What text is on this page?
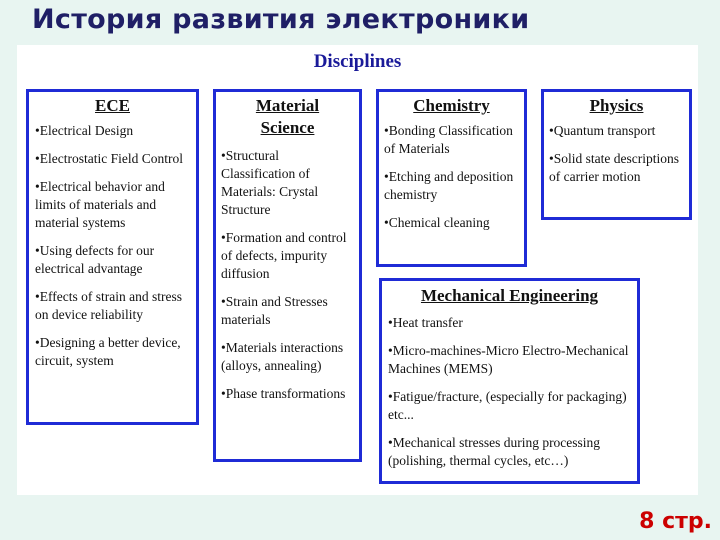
История развития электроники
Disciplines
ECE
• Electrical Design
• Electrostatic Field Control
• Electrical behavior and limits of materials and material systems
• Using defects for our electrical advantage
• Effects of strain and stress on device reliability
• Designing a better device, circuit, system
Material
Science
• Structural Classification of Materials: Crystal Structure
• Formation and control of defects, impurity diffusion
• Strain and Stresses materials
• Materials interactions (alloys, annealing)
• Phase transformations
Chemistry
• Bonding Classification of Materials
• Etching and deposition chemistry
• Chemical cleaning
Physics
• Quantum transport
• Solid state descriptions of carrier motion
Mechanical Engineering
• Heat transfer
• Micro-machines-Micro Electro-Mechanical Machines (MEMS)
• Fatigue/fracture, (especially for packaging) etc...
• Mechanical stresses during processing (polishing, thermal cycles, etc…)
8 стр.
